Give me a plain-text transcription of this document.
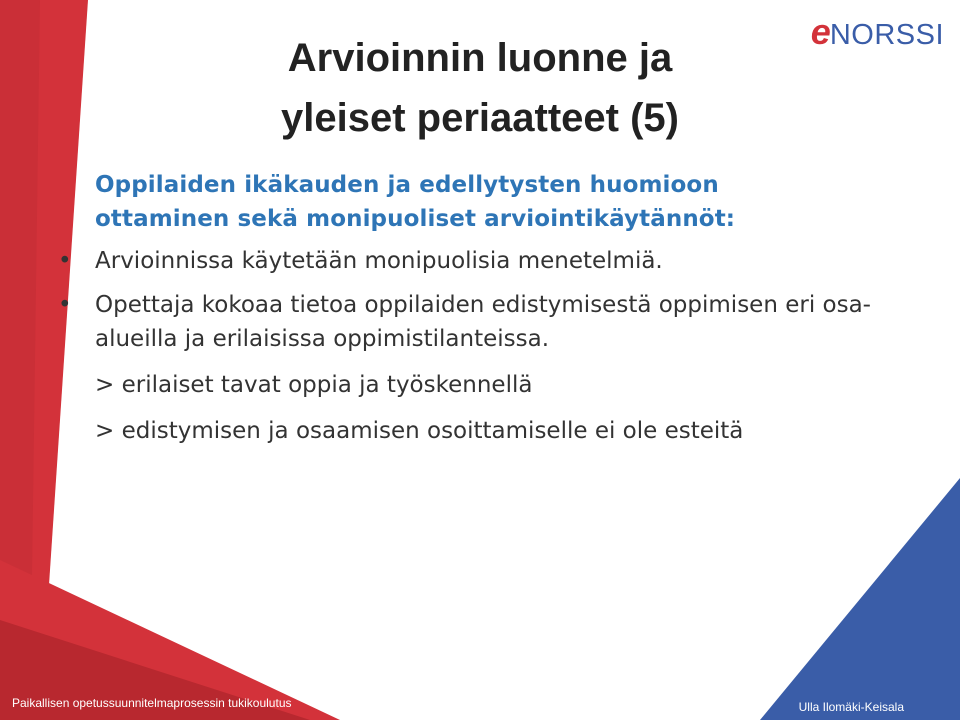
eNORSSI
Arvioinnin luonne ja
yleiset periaatteet (5)
Oppilaiden ikäkauden ja edellytysten huomioon
ottaminen sekä monipuoliset arviointikäytännöt:
• Arvioinnissa käytetään monipuolisia menetelmiä.
• Opettaja kokoaa tietoa oppilaiden edistymisestä oppimisen eri osa-alueilla ja erilaisissa oppimistilanteissa.
> erilaiset tavat oppia ja työskennellä
> edistymisen ja osaamisen osoittamiselle ei ole esteitä
Paikallisen opetussuunnitelmaprosessin tukikoulutus	Ulla Ilomäki-Keisala
